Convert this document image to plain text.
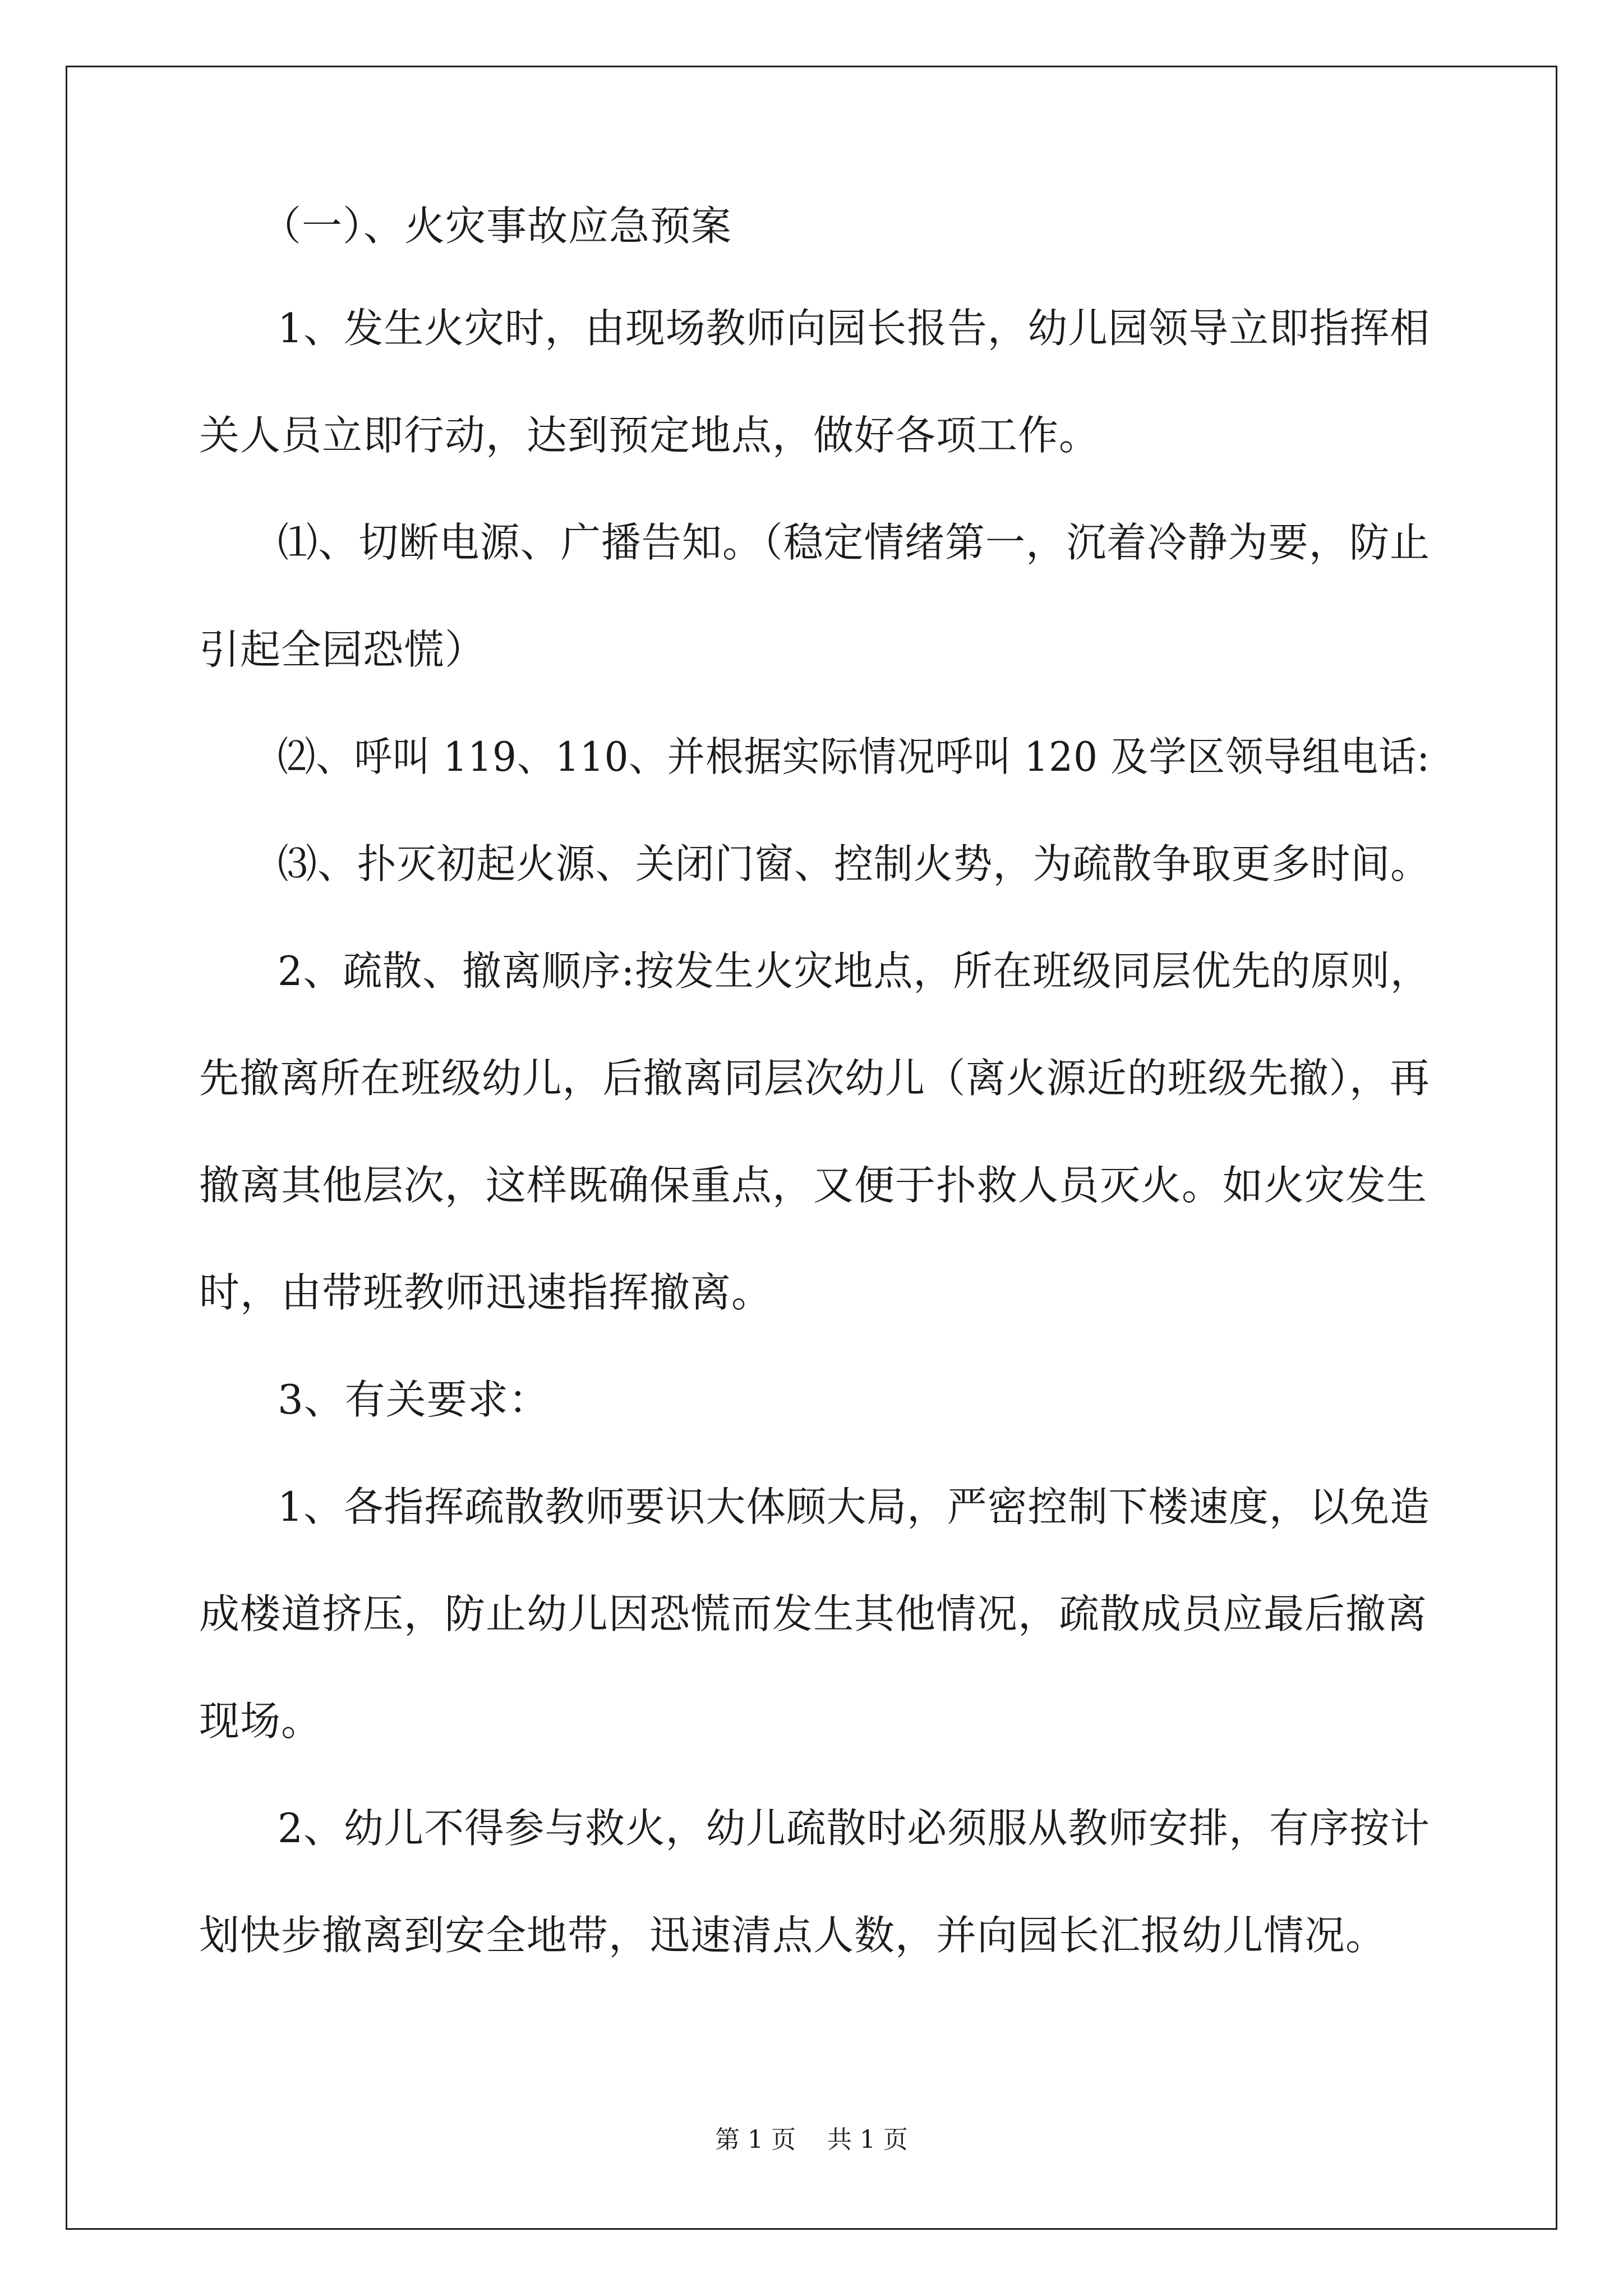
（一）、火灾事故应急预案
1、发生火灾时，由现场教师向园长报告，幼儿园领导立即指挥相
关人员立即行动，达到预定地点，做好各项工作。
⑴、切断电源、广播告知。（稳定情绪第一，沉着冷静为要，防止
引起全园恐慌）
⑵、呼叫 119、110、并根据实际情况呼叫 120 及学区领导组电话:
⑶、扑灭初起火源、关闭门窗、控制火势，为疏散争取更多时间。
2、疏散、撤离顺序:按发生火灾地点，所在班级同层优先的原则，
先撤离所在班级幼儿，后撤离同层次幼儿（离火源近的班级先撤），再
撤离其他层次，这样既确保重点，又便于扑救人员灭火。如火灾发生
时，由带班教师迅速指挥撤离。
3、有关要求：
1、各指挥疏散教师要识大体顾大局，严密控制下楼速度，以免造
成楼道挤压，防止幼儿因恐慌而发生其他情况，疏散成员应最后撤离
现场。
2、幼儿不得参与救火，幼儿疏散时必须服从教师安排，有序按计
划快步撤离到安全地带，迅速清点人数，并向园长汇报幼儿情况。
第 1 页    共 1 页
